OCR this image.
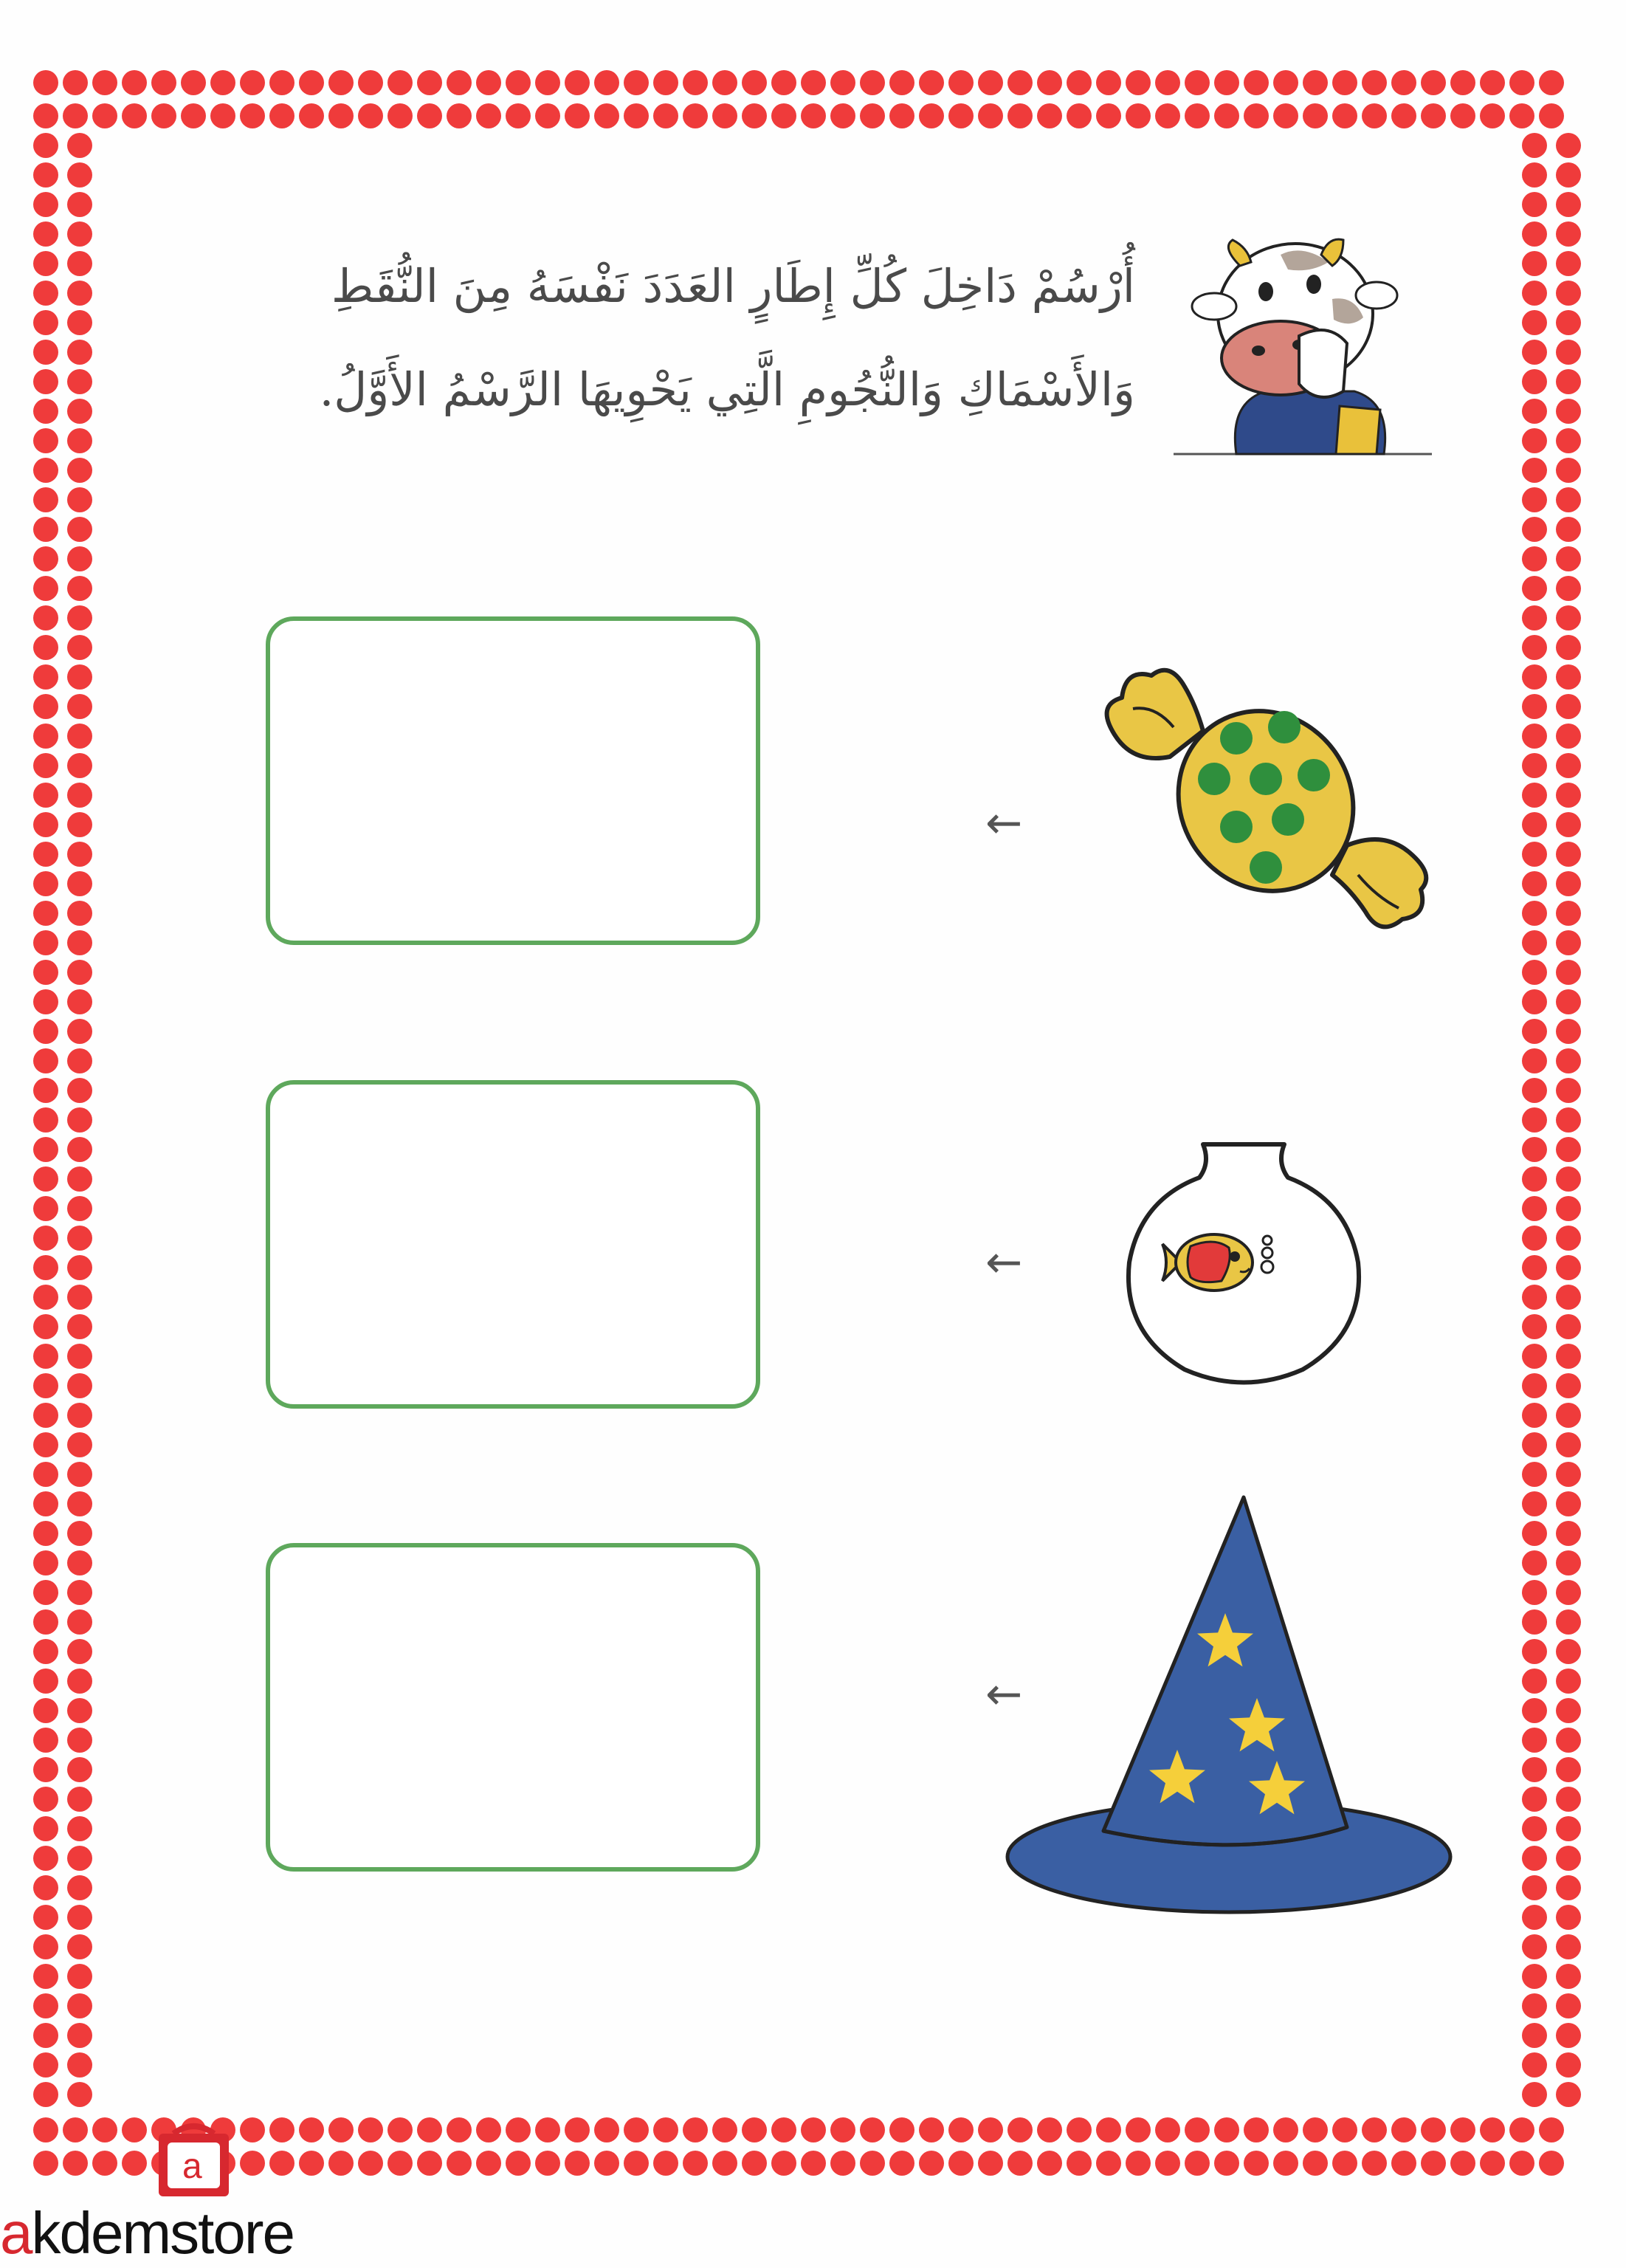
أُرْسُمْ دَاخِلَ كُلِّ إِطَارٍ العَدَدَ نَفْسَهُ مِنَ النُّقَطِ
وَالأَسْمَاكِ وَالنُّجُومِ الَّتِي يَحْوِيهَا الرَّسْمُ الأَوَّلُ.
←
←
←
a
akdemstore
